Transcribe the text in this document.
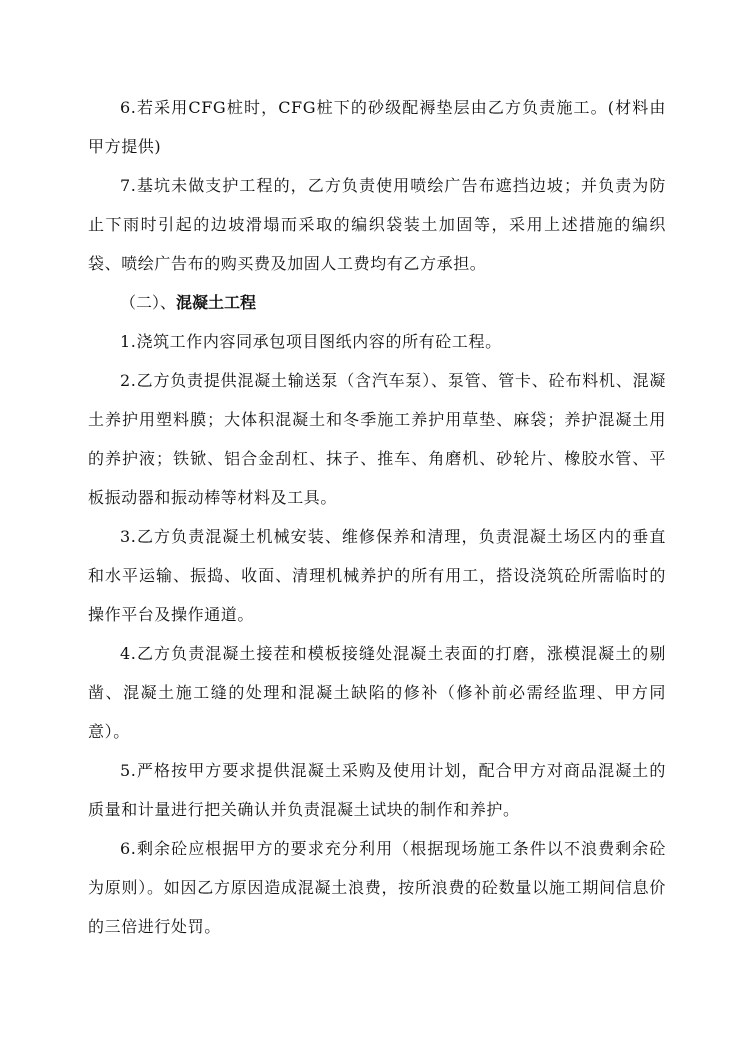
6.若采用CFG桩时，CFG桩下的砂级配褥垫层由乙方负责施工。(材料由甲方提供)

7.基坑未做支护工程的，乙方负责使用喷绘广告布遮挡边坡；并负责为防止下雨时引起的边坡滑塌而采取的编织袋装土加固等，采用上述措施的编织袋、喷绘广告布的购买费及加固人工费均有乙方承担。

（二）、混凝土工程

1.浇筑工作内容同承包项目图纸内容的所有砼工程。

2.乙方负责提供混凝土输送泵（含汽车泵）、泵管、管卡、砼布料机、混凝土养护用塑料膜；大体积混凝土和冬季施工养护用草垫、麻袋；养护混凝土用的养护液；铁锨、铝合金刮杠、抹子、推车、角磨机、砂轮片、橡胶水管、平板振动器和振动棒等材料及工具。

3.乙方负责混凝土机械安装、维修保养和清理，负责混凝土场区内的垂直和水平运输、振捣、收面、清理机械养护的所有用工，搭设浇筑砼所需临时的操作平台及操作通道。

4.乙方负责混凝土接茬和模板接缝处混凝土表面的打磨，涨模混凝土的剔凿、混凝土施工缝的处理和混凝土缺陷的修补（修补前必需经监理、甲方同意）。

5.严格按甲方要求提供混凝土采购及使用计划，配合甲方对商品混凝土的质量和计量进行把关确认并负责混凝土试块的制作和养护。

6.剩余砼应根据甲方的要求充分利用（根据现场施工条件以不浪费剩余砼为原则）。如因乙方原因造成混凝土浪费，按所浪费的砼数量以施工期间信息价的三倍进行处罚。
